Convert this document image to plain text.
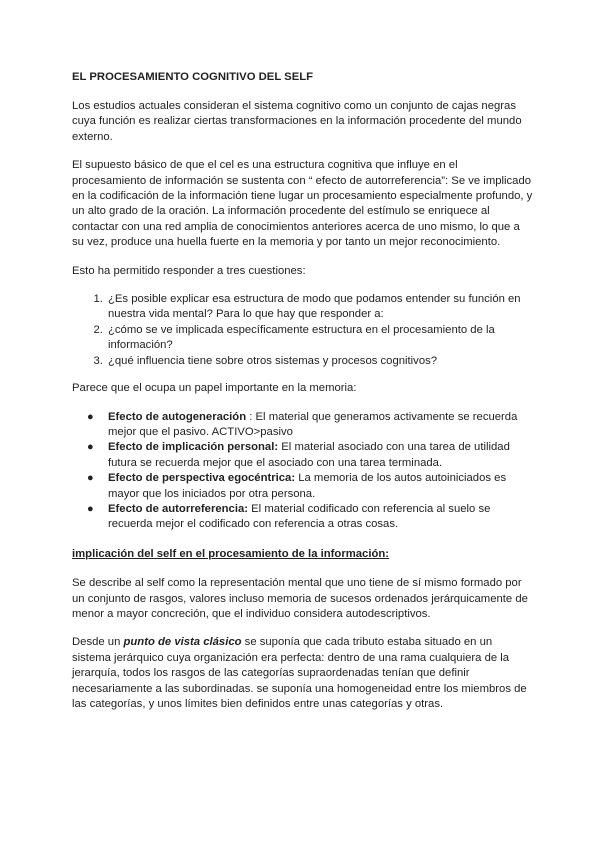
EL PROCESAMIENTO COGNITIVO DEL SELF

Los estudios actuales consideran el sistema cognitivo como un conjunto de cajas negras cuya función es realizar ciertas transformaciones en la información procedente del mundo externo.

El supuesto básico de que el cel es una estructura cognitiva que influye en el procesamiento de información se sustenta con “ efecto de autorreferencia”: Se ve implicado en la codificación de la información tiene lugar un procesamiento especialmente profundo, y un alto grado de la oración. La información procedente del estímulo se enriquece al contactar con una red amplia de conocimientos anteriores acerca de uno mismo, lo que a su vez, produce una huella fuerte en la memoria y por tanto un mejor reconocimiento.

Esto ha permitido responder a tres cuestiones:

1. ¿Es posible explicar esa estructura de modo que podamos entender su función en nuestra vida mental? Para lo que hay que responder a:
2. ¿cómo se ve implicada específicamente estructura en el procesamiento de la información?
3. ¿qué influencia tiene sobre otros sistemas y procesos cognitivos?

Parece que el ocupa un papel importante en la memoria:

● Efecto de autogeneración : El material que generamos activamente se recuerda mejor que el pasivo. ACTIVO>pasivo
● Efecto de implicación personal: El material asociado con una tarea de utilidad futura se recuerda mejor que el asociado con una tarea terminada.
● Efecto de perspectiva egocéntrica: La memoria de los autos autoiniciados es mayor que los iniciados por otra persona.
● Efecto de autorreferencia: El material codificado con referencia al suelo se recuerda mejor el codificado con referencia a otras cosas.

implicación del self en el procesamiento de la información:

Se describe al self como la representación mental que uno tiene de sí mismo formado por un conjunto de rasgos, valores incluso memoria de sucesos ordenados jerárquicamente de menor a mayor concreción, que el individuo considera autodescriptivos.

Desde un punto de vista clásico se suponía que cada tributo estaba situado en un sistema jerárquico cuya organización era perfecta: dentro de una rama cualquiera de la jerarquía, todos los rasgos de las categorías supraordenadas tenían que definir necesariamente a las subordinadas. se suponía una homogeneidad entre los miembros de las categorías, y unos límites bien definidos entre unas categorías y otras.
